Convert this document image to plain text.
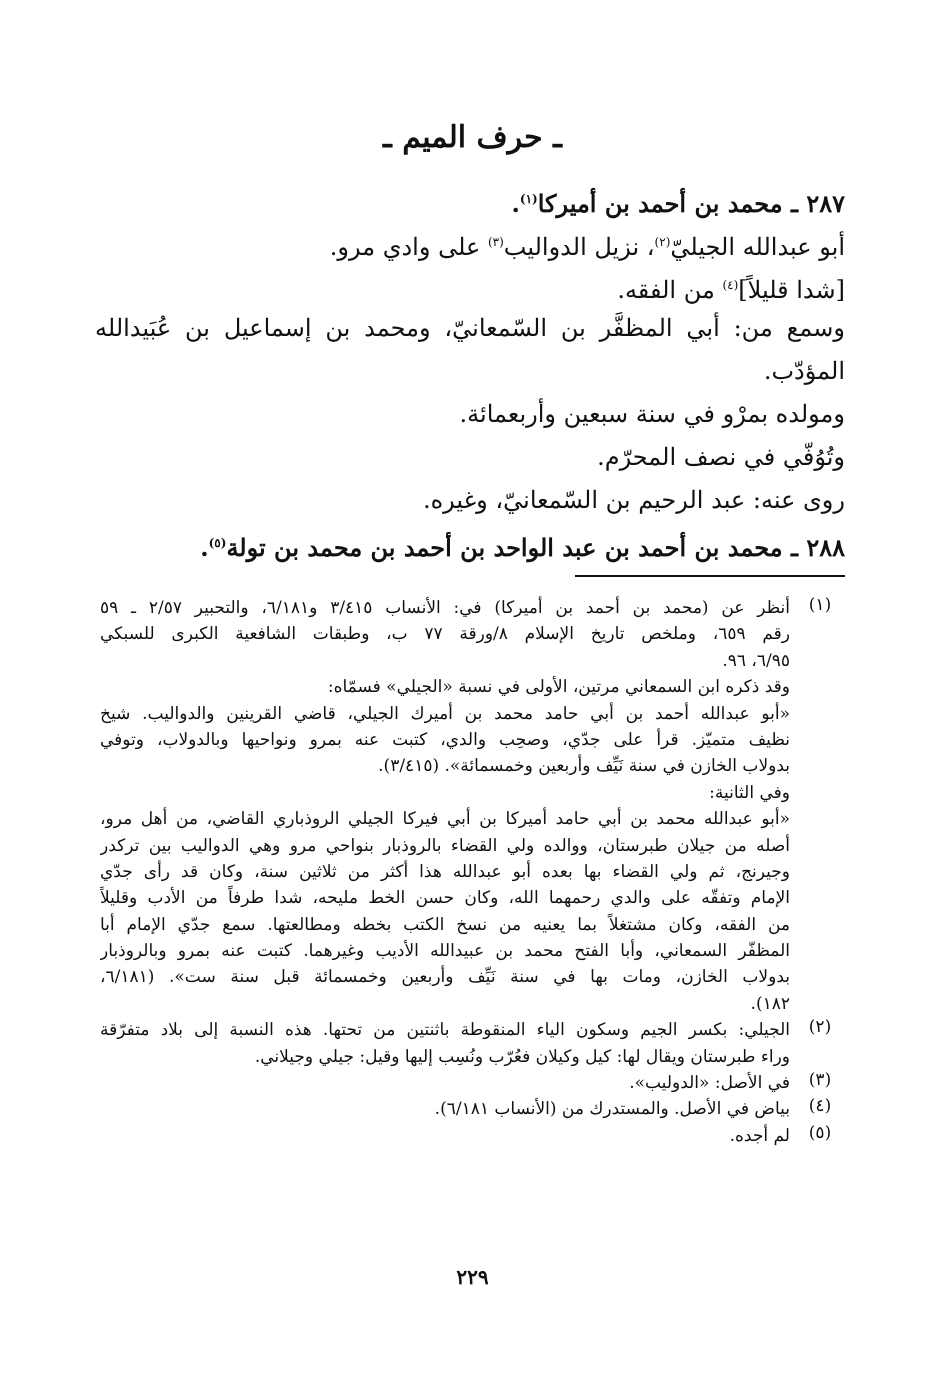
ـ حرف الميم ـ
٢٨٧ ـ محمد بن أحمد بن أميركا$^{(١)}$.
أبو عبدالله الجيليّ$^{(٢)}$، نزيل الدواليب$^{(٣)}$ على وادي مرو.
[شدا قليلاً]$^{(٤)}$ من الفقه.
وسمع من: أبي المظفَّر بن السّمعانيّ، ومحمد بن إسماعيل بن عُبَيدالله
المؤدّب.
ومولده بمرْو في سنة سبعين وأربعمائة.
وتُوُفّي في نصف المحرّم.
روى عنه: عبد الرحيم بن السّمعانيّ، وغيره.
٢٨٨ ـ محمد بن أحمد بن عبد الواحد بن أحمد بن محمد بن تولة$^{(٥)}$.
(١)
أنظر عن (محمد بن أحمد بن أميركا) في: الأنساب ٣/٤١٥ و٦/١٨١، والتحبير ٢/٥٧ ـ ٥٩
رقم ٦٥٩، وملخص تاريخ الإسلام ٨/ورقة ٧٧ ب، وطبقات الشافعية الكبرى للسبكي
٦/٩٥، ٩٦.
وقد ذكره ابن السمعاني مرتين، الأولى في نسبة «الجيلي» فسمّاه:
«أبو عبدالله أحمد بن أبي حامد محمد بن أميرك الجيلي، قاضي القرينين والدواليب. شيخ
نظيف متميّز. قرأ على جدّي، وصحِب والدي، كتبت عنه بمرو ونواحيها وبالدولاب، وتوفي
بدولاب الخازن في سنة نَيِّف وأربعين وخمسمائة». (٣/٤١٥).
وفي الثانية:
«أبو عبدالله محمد بن أبي حامد أميركا بن أبي فيركا الجيلي الروذباري القاضي، من أهل مرو،
أصله من جيلان طبرستان، ووالده ولي القضاء بالروذبار بنواحي مرو وهي الدواليب بين تركدر
وجيرنج، ثم ولي القضاء بها بعده أبو عبدالله هذا أكثر من ثلاثين سنة، وكان قد رأى جدّي
الإمام وتفقّه على والدي رحمهما الله، وكان حسن الخط مليحه، شدا طرفاً من الأدب وقليلاً
من الفقه، وكان مشتغلاً بما يعنيه من نسخ الكتب بخطه ومطالعتها. سمع جدّي الإمام أبا
المظفّر السمعاني، وأبا الفتح محمد بن عبيدالله الأديب وغيرهما. كتبت عنه بمرو وبالروذبار
بدولاب الخازن، ومات بها في سنة نَيِّف وأربعين وخمسمائة قبل سنة ست». (٦/١٨١،
١٨٢).
(٢)
الجيلي: بكسر الجيم وسكون الياء المنقوطة باثنتين من تحتها. هذه النسبة إلى بلاد متفرّقة
وراء طبرستان ويقال لها: كيل وكيلان فعُرّب ونُسِب إليها وقيل: جيلي وجيلاني.
(٣)
في الأصل: «الدوليب».
(٤)
بياض في الأصل. والمستدرك من (الأنساب ٦/١٨١).
(٥)
لم أجده.
٢٢٩
